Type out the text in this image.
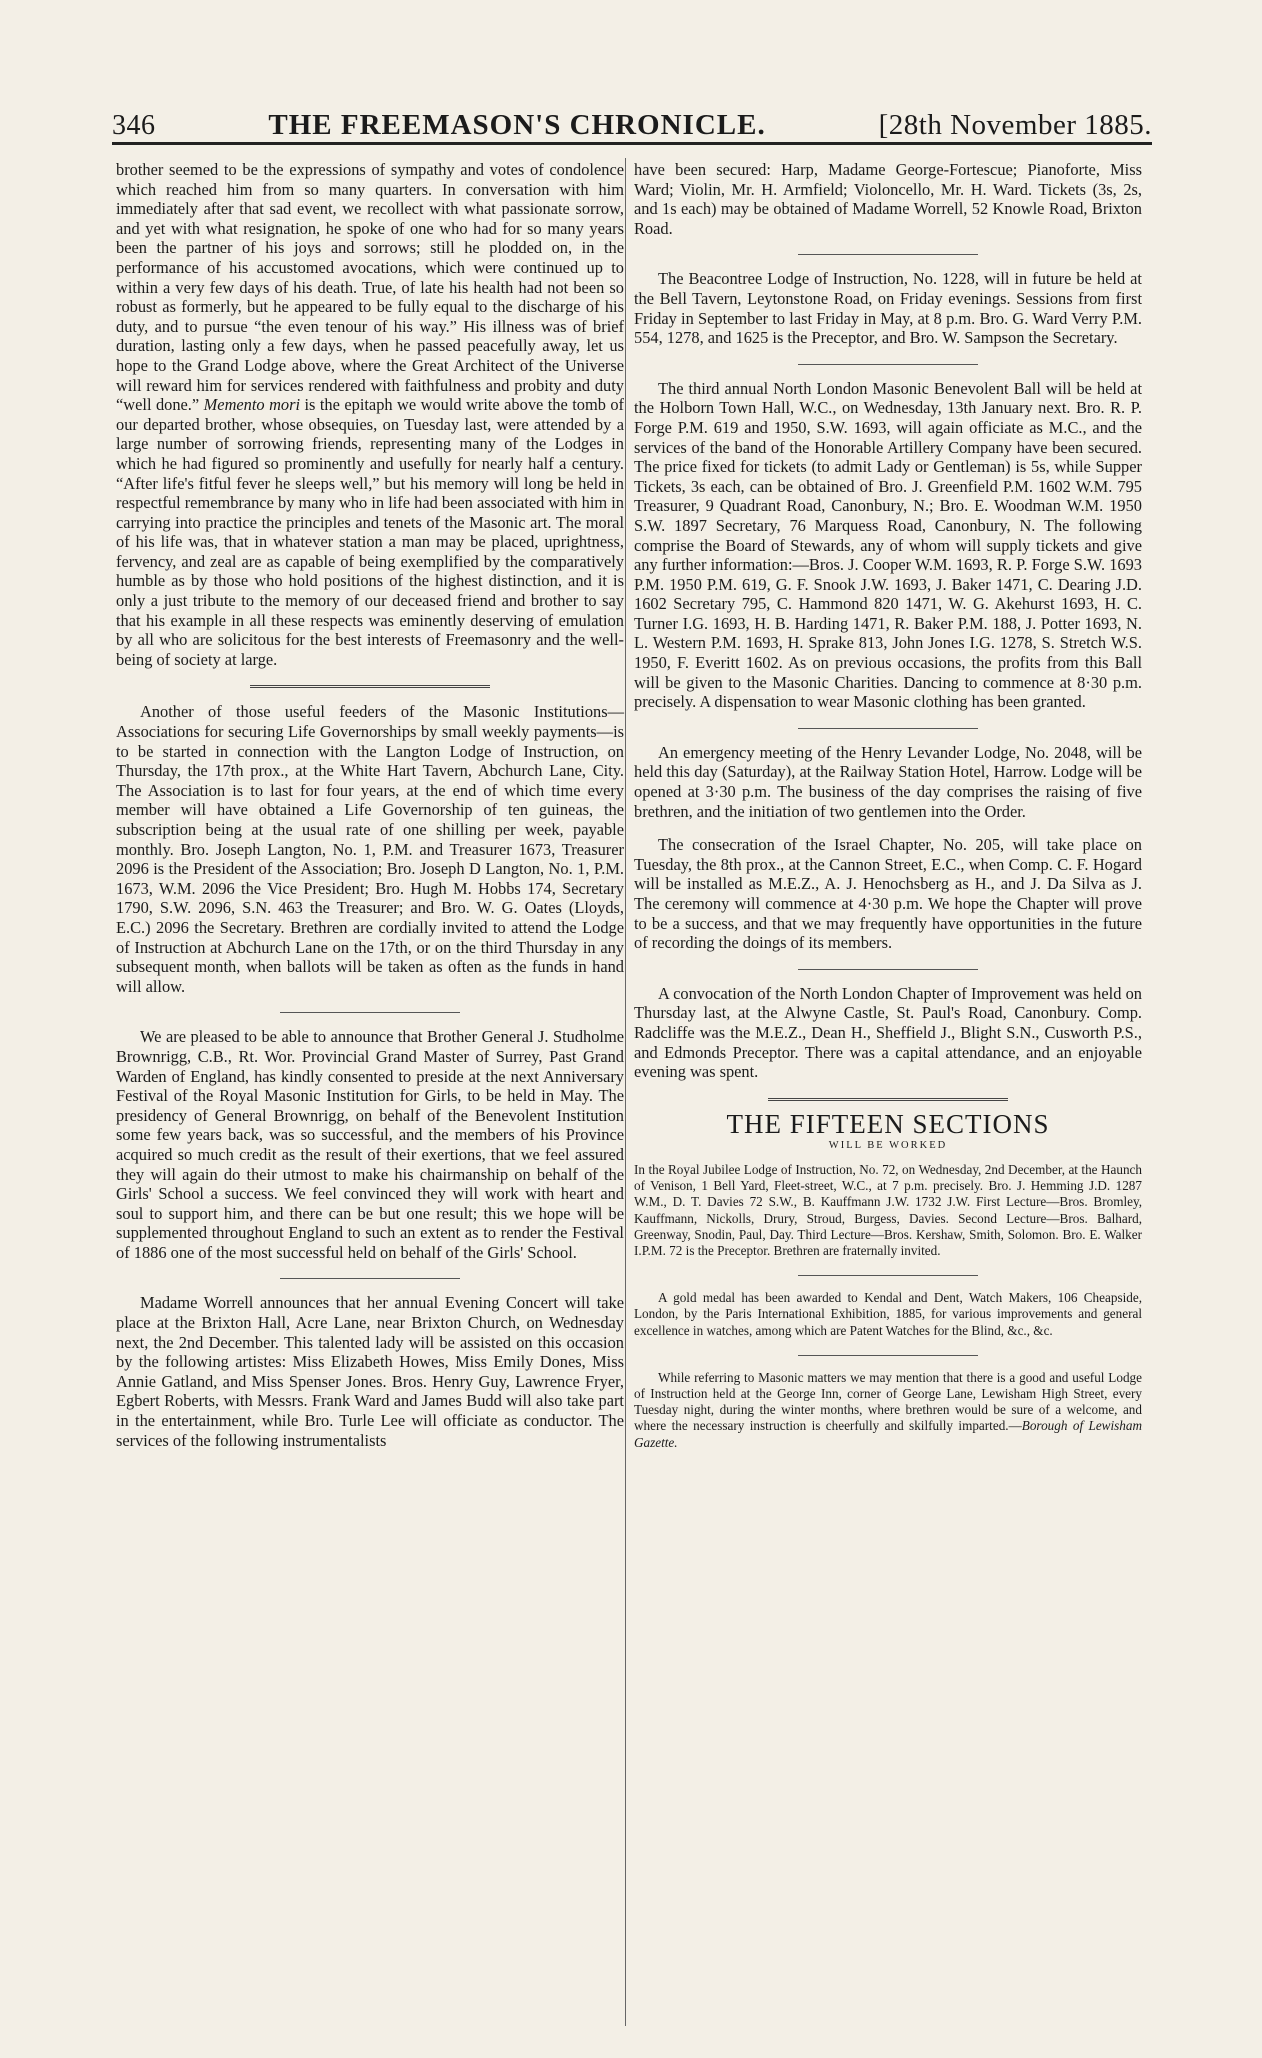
346	THE FREEMASON'S CHRONICLE.	[28th November 1885.

brother seemed to be the expressions of sympathy and votes of condolence which reached him from so many quarters. In conversation with him immediately after that sad event, we recollect with what passionate sorrow, and yet with what resignation, he spoke of one who had for so many years been the partner of his joys and sorrows; still he plodded on, in the performance of his accustomed avocations, which were continued up to within a very few days of his death. True, of late his health had not been so robust as formerly, but he appeared to be fully equal to the discharge of his duty, and to pursue “the even tenour of his way.” His illness was of brief duration, lasting only a few days, when he passed peacefully away, let us hope to the Grand Lodge above, where the Great Architect of the Universe will reward him for services rendered with faithfulness and probity and duty “well done.” Memento mori is the epitaph we would write above the tomb of our departed brother, whose obsequies, on Tuesday last, were attended by a large number of sorrowing friends, representing many of the Lodges in which he had figured so prominently and usefully for nearly half a century. “After life's fitful fever he sleeps well,” but his memory will long be held in respectful remembrance by many who in life had been associated with him in carrying into practice the principles and tenets of the Masonic art. The moral of his life was, that in whatever station a man may be placed, uprightness, fervency, and zeal are as capable of being exemplified by the comparatively humble as by those who hold positions of the highest distinction, and it is only a just tribute to the memory of our deceased friend and brother to say that his example in all these respects was eminently deserving of emulation by all who are solicitous for the best interests of Freemasonry and the well-being of society at large.

Another of those useful feeders of the Masonic Institutions—Associations for securing Life Governorships by small weekly payments—is to be started in connection with the Langton Lodge of Instruction, on Thursday, the 17th prox., at the White Hart Tavern, Abchurch Lane, City. The Association is to last for four years, at the end of which time every member will have obtained a Life Governorship of ten guineas, the subscription being at the usual rate of one shilling per week, payable monthly. Bro. Joseph Langton, No. 1, P.M. and Treasurer 1673, Treasurer 2096 is the President of the Association; Bro. Joseph D Langton, No. 1, P.M. 1673, W.M. 2096 the Vice President; Bro. Hugh M. Hobbs 174, Secretary 1790, S.W. 2096, S.N. 463 the Treasurer; and Bro. W. G. Oates (Lloyds, E.C.) 2096 the Secretary. Brethren are cordially invited to attend the Lodge of Instruction at Abchurch Lane on the 17th, or on the third Thursday in any subsequent month, when ballots will be taken as often as the funds in hand will allow.

We are pleased to be able to announce that Brother General J. Studholme Brownrigg, C.B., Rt. Wor. Provincial Grand Master of Surrey, Past Grand Warden of England, has kindly consented to preside at the next Anniversary Festival of the Royal Masonic Institution for Girls, to be held in May. The presidency of General Brownrigg, on behalf of the Benevolent Institution some few years back, was so successful, and the members of his Province acquired so much credit as the result of their exertions, that we feel assured they will again do their utmost to make his chairmanship on behalf of the Girls' School a success. We feel convinced they will work with heart and soul to support him, and there can be but one result; this we hope will be supplemented throughout England to such an extent as to render the Festival of 1886 one of the most successful held on behalf of the Girls' School.

Madame Worrell announces that her annual Evening Concert will take place at the Brixton Hall, Acre Lane, near Brixton Church, on Wednesday next, the 2nd December. This talented lady will be assisted on this occasion by the following artistes: Miss Elizabeth Howes, Miss Emily Dones, Miss Annie Gatland, and Miss Spenser Jones. Bros. Henry Guy, Lawrence Fryer, Egbert Roberts, with Messrs. Frank Ward and James Budd will also take part in the entertainment, while Bro. Turle Lee will officiate as conductor. The services of the following instrumentalists

have been secured: Harp, Madame George-Fortescue; Pianoforte, Miss Ward; Violin, Mr. H. Armfield; Violoncello, Mr. H. Ward. Tickets (3s, 2s, and 1s each) may be obtained of Madame Worrell, 52 Knowle Road, Brixton Road.

The Beacontree Lodge of Instruction, No. 1228, will in future be held at the Bell Tavern, Leytonstone Road, on Friday evenings. Sessions from first Friday in September to last Friday in May, at 8 p.m. Bro. G. Ward Verry P.M. 554, 1278, and 1625 is the Preceptor, and Bro. W. Sampson the Secretary.

The third annual North London Masonic Benevolent Ball will be held at the Holborn Town Hall, W.C., on Wednesday, 13th January next. Bro. R. P. Forge P.M. 619 and 1950, S.W. 1693, will again officiate as M.C., and the services of the band of the Honorable Artillery Company have been secured. The price fixed for tickets (to admit Lady or Gentleman) is 5s, while Supper Tickets, 3s each, can be obtained of Bro. J. Greenfield P.M. 1602 W.M. 795 Treasurer, 9 Quadrant Road, Canonbury, N.; Bro. E. Woodman W.M. 1950 S.W. 1897 Secretary, 76 Marquess Road, Canonbury, N. The following comprise the Board of Stewards, any of whom will supply tickets and give any further information:—Bros. J. Cooper W.M. 1693, R. P. Forge S.W. 1693 P.M. 1950 P.M. 619, G. F. Snook J.W. 1693, J. Baker 1471, C. Dearing J.D. 1602 Secretary 795, C. Hammond 820 1471, W. G. Akehurst 1693, H. C. Turner I.G. 1693, H. B. Harding 1471, R. Baker P.M. 188, J. Potter 1693, N. L. Western P.M. 1693, H. Sprake 813, John Jones I.G. 1278, S. Stretch W.S. 1950, F. Everitt 1602. As on previous occasions, the profits from this Ball will be given to the Masonic Charities. Dancing to commence at 8·30 p.m. precisely. A dispensation to wear Masonic clothing has been granted.

An emergency meeting of the Henry Levander Lodge, No. 2048, will be held this day (Saturday), at the Railway Station Hotel, Harrow. Lodge will be opened at 3·30 p.m. The business of the day comprises the raising of five brethren, and the initiation of two gentlemen into the Order.

The consecration of the Israel Chapter, No. 205, will take place on Tuesday, the 8th prox., at the Cannon Street, E.C., when Comp. C. F. Hogard will be installed as M.E.Z., A. J. Henochsberg as H., and J. Da Silva as J. The ceremony will commence at 4·30 p.m. We hope the Chapter will prove to be a success, and that we may frequently have opportunities in the future of recording the doings of its members.

A convocation of the North London Chapter of Improvement was held on Thursday last, at the Alwyne Castle, St. Paul's Road, Canonbury. Comp. Radcliffe was the M.E.Z., Dean H., Sheffield J., Blight S.N., Cusworth P.S., and Edmonds Preceptor. There was a capital attendance, and an enjoyable evening was spent.

THE FIFTEEN SECTIONS
WILL BE WORKED

In the Royal Jubilee Lodge of Instruction, No. 72, on Wednesday, 2nd December, at the Haunch of Venison, 1 Bell Yard, Fleet-street, W.C., at 7 p.m. precisely. Bro. J. Hemming J.D. 1287 W.M., D. T. Davies 72 S.W., B. Kauffmann J.W. 1732 J.W. First Lecture—Bros. Bromley, Kauffmann, Nickolls, Drury, Stroud, Burgess, Davies. Second Lecture—Bros. Balhard, Greenway, Snodin, Paul, Day. Third Lecture—Bros. Kershaw, Smith, Solomon. Bro. E. Walker I.P.M. 72 is the Preceptor. Brethren are fraternally invited.

A gold medal has been awarded to Kendal and Dent, Watch Makers, 106 Cheapside, London, by the Paris International Exhibition, 1885, for various improvements and general excellence in watches, among which are Patent Watches for the Blind, &c., &c.

While referring to Masonic matters we may mention that there is a good and useful Lodge of Instruction held at the George Inn, corner of George Lane, Lewisham High Street, every Tuesday night, during the winter months, where brethren would be sure of a welcome, and where the necessary instruction is cheerfully and skilfully imparted.—Borough of Lewisham Gazette.
